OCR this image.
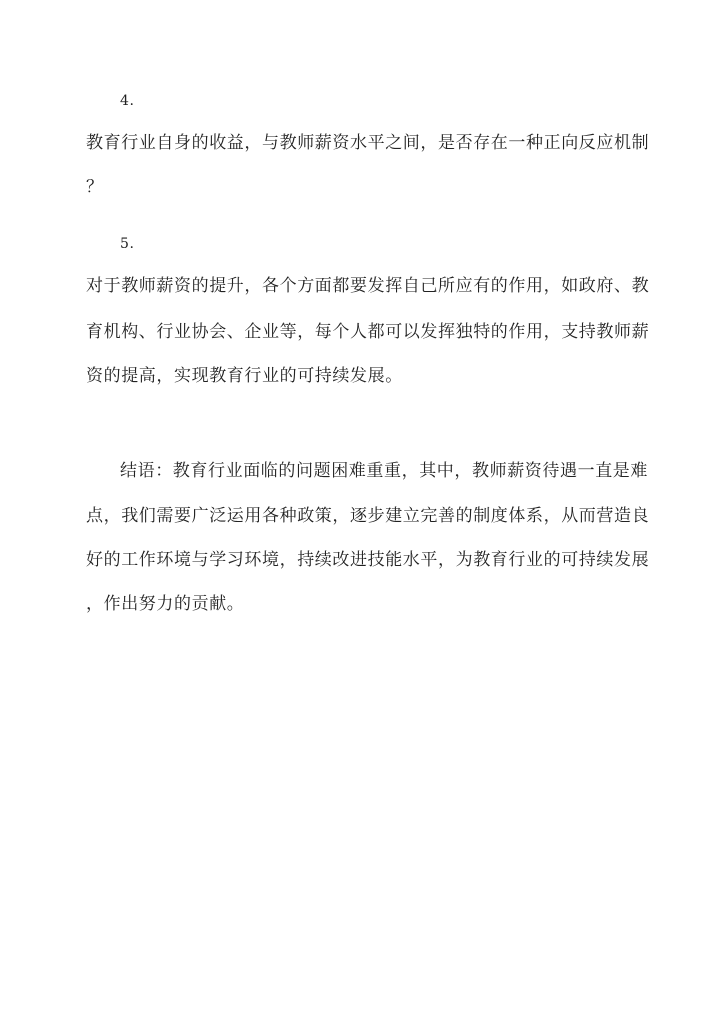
4.
教育行业自身的收益，与教师薪资水平之间，是否存在一种正向反应机制
？
5.
对于教师薪资的提升，各个方面都要发挥自己所应有的作用，如政府、教
育机构、行业协会、企业等，每个人都可以发挥独特的作用，支持教师薪
资的提高，实现教育行业的可持续发展。
结语：教育行业面临的问题困难重重，其中，教师薪资待遇一直是难
点，我们需要广泛运用各种政策，逐步建立完善的制度体系，从而营造良
好的工作环境与学习环境，持续改进技能水平，为教育行业的可持续发展
，作出努力的贡献。
